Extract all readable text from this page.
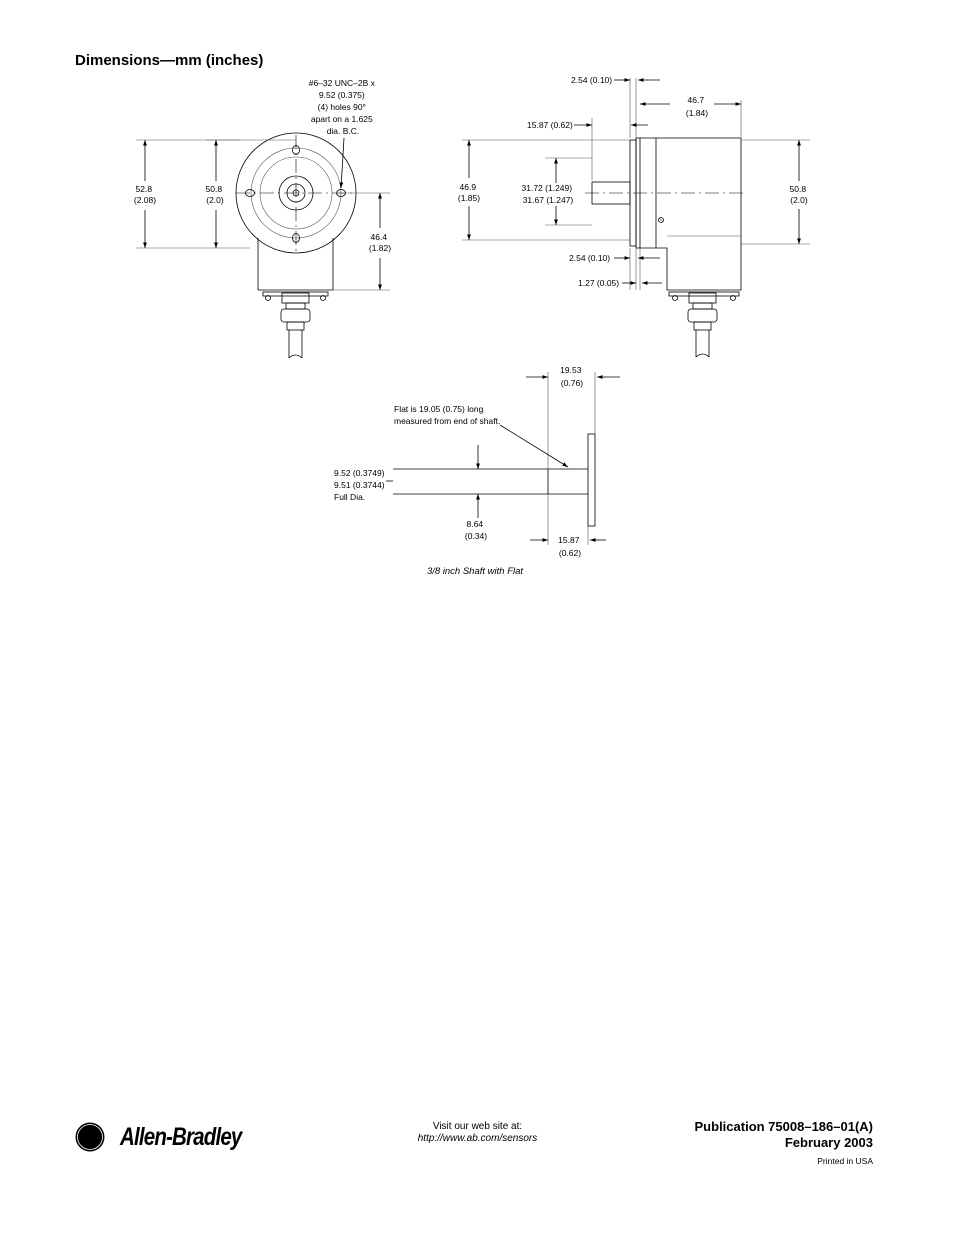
Dimensions—mm (inches)
#6–32 UNC–2B x 9.52 (0.375) (4) holes 90° apart on a 1.625 dia. B.C.
52.8 (2.08)
50.8 (2.0)
46.4 (1.82)
2.54 (0.10)
46.7 (1.84)
15.87 (0.62)
46.9 (1.85)
31.72 (1.249) 31.67 (1.247)
50.8 (2.0)
2.54 (0.10)
1.27 (0.05)
19.53 (0.76)
Flat is 19.05 (0.75) long measured from end of shaft.
9.52 (0.3749) 9.51 (0.3744) Full Dia.
8.64 (0.34)	15.87 (0.62)
3/8 inch Shaft with Flat
A-B Allen-Bradley	Visit our web site at:
http://www.ab.com/sensors
Publication 75008–186–01(A)
February 2003
Printed in USA
